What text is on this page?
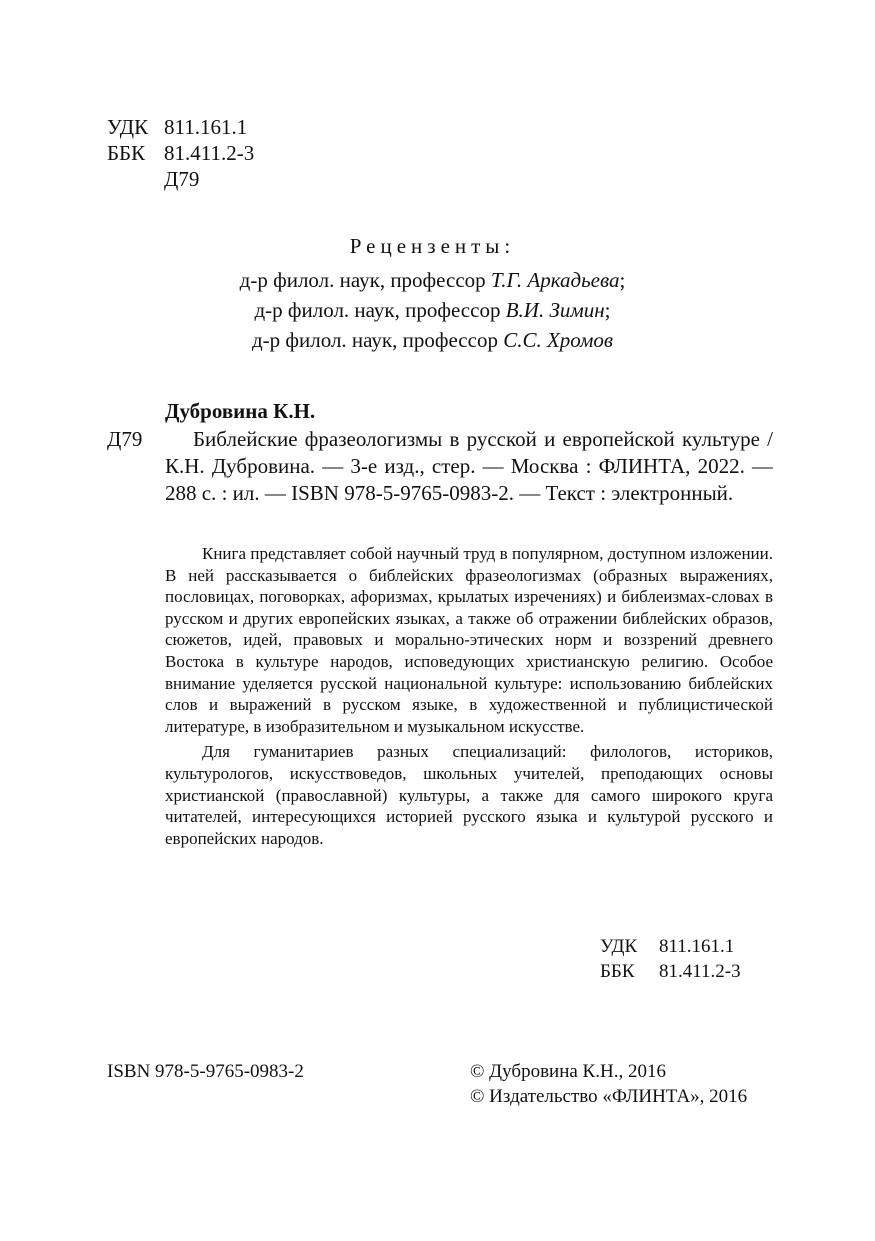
УДК 811.161.1
ББК 81.411.2-3
Д79
Рецензенты:
д-р филол. наук, профессор Т.Г. Аркадьева;
д-р филол. наук, профессор В.И. Зимин;
д-р филол. наук, профессор С.С. Хромов
Дубровина К.Н.
Д79	Библейские фразеологизмы в русской и европейской культуре / К.Н. Дубровина. — 3-е изд., стер. — Москва : ФЛИНТА, 2022. — 288 с. : ил. — ISBN 978-5-9765-0983-2. — Текст : электронный.

Книга представляет собой научный труд в популярном, доступном изложении. В ней рассказывается о библейских фразеологизмах (образных выражениях, пословицах, поговорках, афоризмах, крылатых изречениях) и библеизмах-словах в русском и других европейских языках, а также об отражении библейских образов, сюжетов, идей, правовых и морально-этических норм и воззрений древнего Востока в культуре народов, исповедующих христианскую религию. Особое внимание уделяется русской национальной культуре: использованию библейских слов и выражений в русском языке, в художественной и публицистической литературе, в изобразительном и музыкальном искусстве.

Для гуманитариев разных специализаций: филологов, историков, культурологов, искусствоведов, школьных учителей, преподающих основы христианской (православной) культуры, а также для самого широкого круга читателей, интересующихся историей русского языка и культурой русского и европейских народов.

УДК	811.161.1
ББК	81.411.2-3
ISBN 978-5-9765-0983-2	© Дубровина К.Н., 2016
© Издательство «ФЛИНТА», 2016
